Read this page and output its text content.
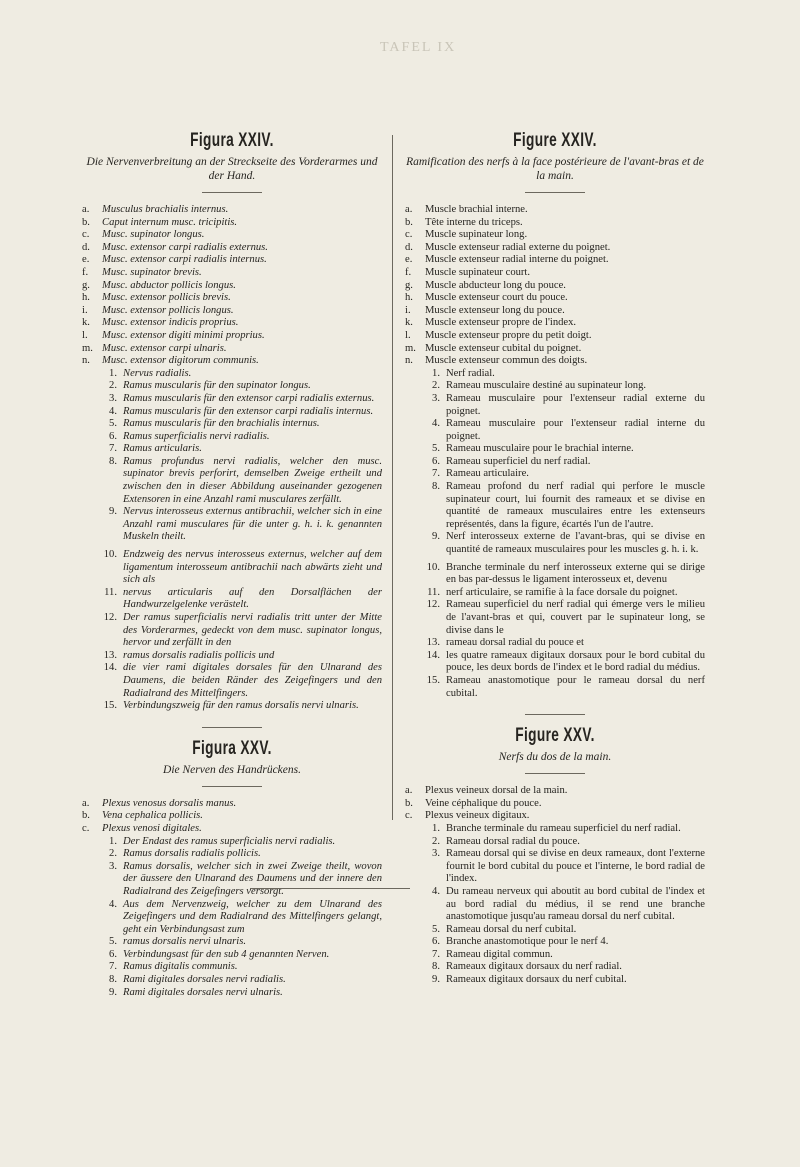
TAFEL IX
Figura XXIV.

Die Nervenverbreitung an der Streckseite des Vorderarmes und der Hand.

a.	Musculus brachialis internus.
b.	Caput internum musc. tricipitis.
c.	Musc. supinator longus.
d.	Musc. extensor carpi radialis externus.
e.	Musc. extensor carpi radialis internus.
f.	Musc. supinator brevis.
g.	Musc. abductor pollicis longus.
h.	Musc. extensor pollicis brevis.
i.	Musc. extensor pollicis longus.
k.	Musc. extensor indicis proprius.
l.	Musc. extensor digiti minimi proprius.
m. Musc. extensor carpi ulnaris.
n.	Musc. extensor digitorum communis.
1. Nervus radialis.
2. Ramus muscularis für den supinator longus.
3. Ramus muscularis für den extensor carpi radialis externus.
4. Ramus muscularis für den extensor carpi radialis internus.
5. Ramus muscularis für den brachialis internus.
6. Ramus superficialis nervi radialis.
7. Ramus articularis.
8. Ramus profundus nervi radialis, welcher den musc. supinator brevis perforirt, demselben Zweige ertheilt und zwischen den in dieser Abbildung auseinander gezogenen Extensoren in eine Anzahl rami musculares zerfällt.
9. Nervus interosseus externus antibrachii, welcher sich in eine Anzahl rami musculares für die unter g. h. i. k. genannten Muskeln theilt.
10. Endzweig des nervus interosseus externus, welcher auf dem ligamentum interosseum antibrachii nach abwärts zieht und sich als
11. nervus articularis auf den Dorsalflächen der Handwurzelgelenke verästelt.
12. Der ramus superficialis nervi radialis tritt unter der Mitte des Vorderarmes, gedeckt von dem musc. supinator longus, hervor und zerfällt in den
13. ramus dorsalis radialis pollicis und
14. die vier rami digitales dorsales für den Ulnarand des Daumens, die beiden Ränder des Zeigefingers und den Radialrand des Mittelfingers.
15. Verbindungszweig für den ramus dorsalis nervi ulnaris.
Figura XXV.

Die Nerven des Handrückens.

a.	Plexus venosus dorsalis manus.
b.	Vena cephalica pollicis.
c.	Plexus venosi digitales.
1. Der Endast des ramus superficialis nervi radialis.
2. Ramus dorsalis radialis pollicis.
3. Ramus dorsalis, welcher sich in zwei Zweige theilt, wovon der äussere den Ulnarand des Daumens und der innere den Radialrand des Zeigefingers versorgt.
4. Aus dem Nervenzweig, welcher zu dem Ulnarand des Zeigefingers und dem Radialrand des Mittelfingers gelangt, geht ein Verbindungsast zum
5. ramus dorsalis nervi ulnaris.
6. Verbindungsast für den sub 4 genannten Nerven.
7. Ramus digitalis communis.
8. Rami digitales dorsales nervi radialis.
9. Rami digitales dorsales nervi ulnaris.
Figure XXIV.

Ramification des nerfs à la face postérieure de l'avant-bras et de la main.

a.	Muscle brachial interne.
b.	Tête interne du triceps.
c.	Muscle supinateur long.
d.	Muscle extenseur radial externe du poignet.
e.	Muscle extenseur radial interne du poignet.
f.	Muscle supinateur court.
g.	Muscle abducteur long du pouce.
h.	Muscle extenseur court du pouce.
i.	Muscle extenseur long du pouce.
k.	Muscle extenseur propre de l'index.
l.	Muscle extenseur propre du petit doigt.
m. Muscle extenseur cubital du poignet.
n.	Muscle extenseur commun des doigts.
1. Nerf radial.
2. Rameau musculaire destiné au supinateur long.
3. Rameau musculaire pour l'extenseur radial externe du poignet.
4. Rameau musculaire pour l'extenseur radial interne du poignet.
5. Rameau musculaire pour le brachial interne.
6. Rameau superficiel du nerf radial.
7. Rameau articulaire.
8. Rameau profond du nerf radial qui perfore le muscle supinateur court, lui fournit des rameaux et se divise en quantité de rameaux musculaires entre les extenseurs représentés, dans la figure, écartés l'un de l'autre.
9. Nerf interosseux externe de l'avant-bras, qui se divise en quantité de rameaux musculaires pour les muscles g. h. i. k.
10. Branche terminale du nerf interosseux externe qui se dirige en bas par-dessus le ligament interosseux et, devenu
11. nerf articulaire, se ramifie à la face dorsale du poignet.
12. Rameau superficiel du nerf radial qui émerge vers le milieu de l'avant-bras et qui, couvert par le supinateur long, se divise dans le
13. rameau dorsal radial du pouce et
14. les quatre rameaux digitaux dorsaux pour le bord cubital du pouce, les deux bords de l'index et le bord radial du médius.
15. Rameau anastomotique pour le rameau dorsal du nerf cubital.
Figure XXV.

Nerfs du dos de la main.

a.	Plexus veineux dorsal de la main.
b.	Veine céphalique du pouce.
c.	Plexus veineux digitaux.
1. Branche terminale du rameau superficiel du nerf radial.
2. Rameau dorsal radial du pouce.
3. Rameau dorsal qui se divise en deux rameaux, dont l'externe fournit le bord cubital du pouce et l'interne, le bord radial de l'index.
4. Du rameau nerveux qui aboutit au bord cubital de l'index et au bord radial du médius, il se rend une branche anastomotique jusqu'au rameau dorsal du nerf cubital.
5. Rameau dorsal du nerf cubital.
6. Branche anastomotique pour le nerf 4.
7. Rameau digital commun.
8. Rameaux digitaux dorsaux du nerf radial.
9. Rameaux digitaux dorsaux du nerf cubital.
